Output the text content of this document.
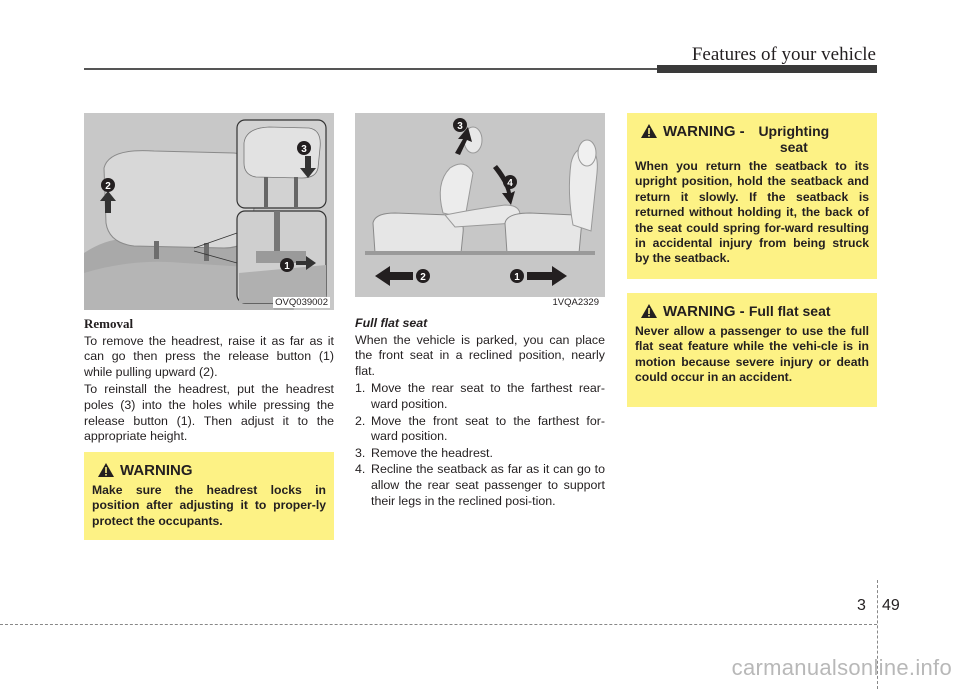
Features of your vehicle
3
2
1
OVQ039002
3
4
2	1
1VQA2329
Removal
To remove the headrest, raise it as far as it can go then press the release button (1) while pulling upward (2).
To reinstall the headrest, put the headrest poles (3) into the holes while pressing the release button (1). Then adjust it to the appropriate height.
Full flat seat
When the vehicle is parked, you can place the front seat in a reclined position, nearly flat.
1. Move the rear seat to the farthest rear-ward position.
2. Move the front seat to the farthest for-ward position.
3. Remove the headrest.
4. Recline the seatback as far as it can go to allow the rear seat passenger to support their legs in the reclined posi-tion.
WARNING
Make sure the headrest locks in position after adjusting it to proper-ly protect the occupants.
WARNING - Uprighting seat
When you return the seatback to its upright position, hold the seatback and return it slowly. If the seatback is returned without holding it, the back of the seat could spring for-ward resulting in accidental injury from being struck by the seatback.
WARNING - Full flat seat
Never allow a passenger to use the full flat seat feature while the vehi-cle is in motion because severe injury or death could occur in an accident.
3 49
carmanualsonline.info
